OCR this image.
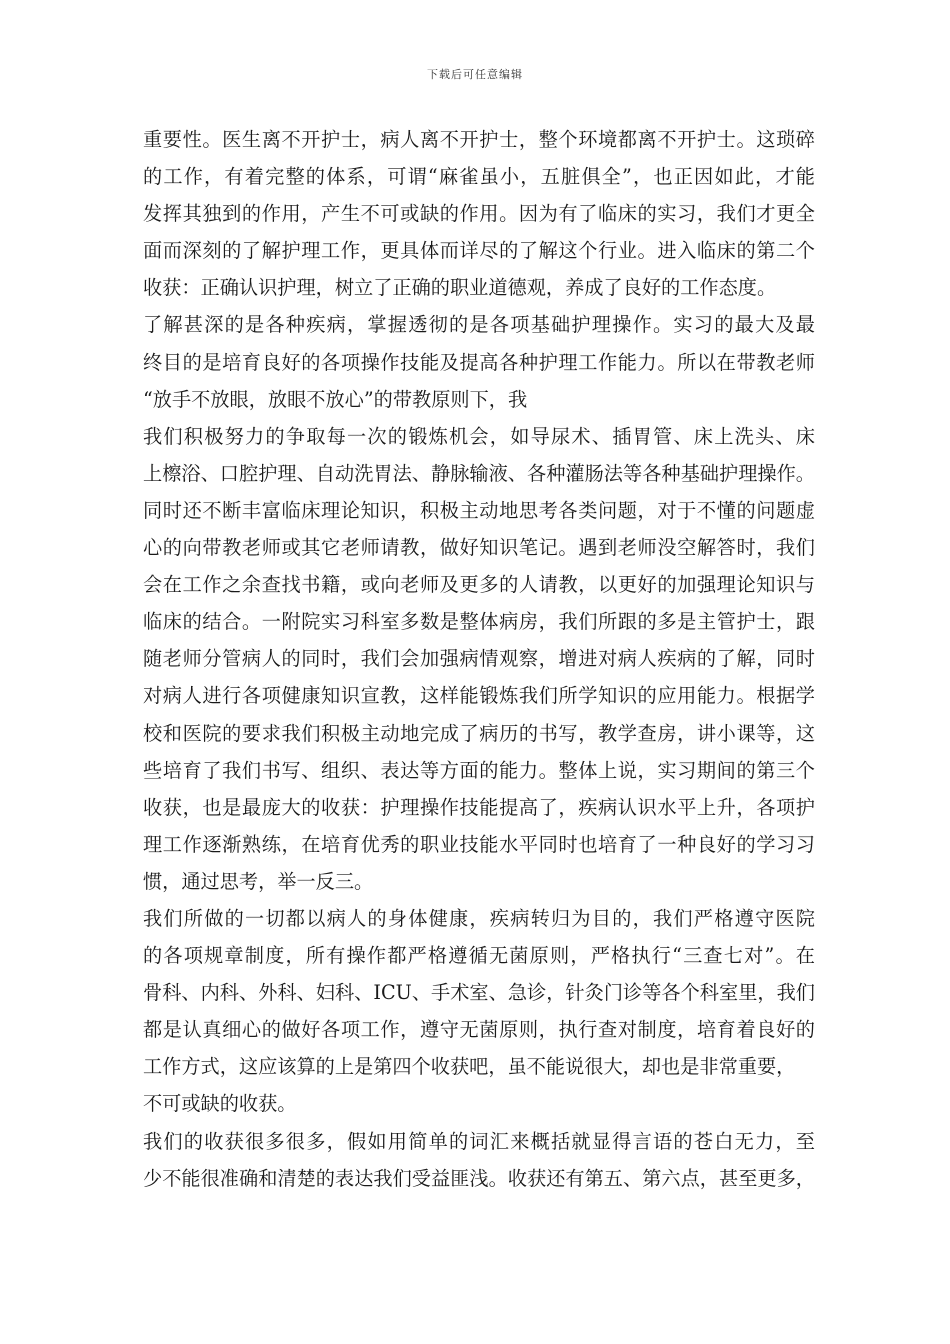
下载后可任意编辑
重要性。医生离不开护士，病人离不开护士，整个环境都离不开护士。这琐碎
的工作，有着完整的体系，可谓“麻雀虽小，五脏俱全”，也正因如此，才能
发挥其独到的作用，产生不可或缺的作用。因为有了临床的实习，我们才更全
面而深刻的了解护理工作，更具体而详尽的了解这个行业。进入临床的第二个
收获：正确认识护理，树立了正确的职业道德观，养成了良好的工作态度。
了解甚深的是各种疾病，掌握透彻的是各项基础护理操作。实习的最大及最
终目的是培育良好的各项操作技能及提高各种护理工作能力。所以在带教老师
“放手不放眼，放眼不放心”的带教原则下，我
我们积极努力的争取每一次的锻炼机会，如导尿术、插胃管、床上洗头、床
上檫浴、口腔护理、自动洗胃法、静脉输液、各种灌肠法等各种基础护理操作。
同时还不断丰富临床理论知识，积极主动地思考各类问题，对于不懂的问题虚
心的向带教老师或其它老师请教，做好知识笔记。遇到老师没空解答时，我们
会在工作之余查找书籍，或向老师及更多的人请教，以更好的加强理论知识与
临床的结合。一附院实习科室多数是整体病房，我们所跟的多是主管护士，跟
随老师分管病人的同时，我们会加强病情观察，增进对病人疾病的了解，同时
对病人进行各项健康知识宣教，这样能锻炼我们所学知识的应用能力。根据学
校和医院的要求我们积极主动地完成了病历的书写，教学查房，讲小课等，这
些培育了我们书写、组织、表达等方面的能力。整体上说，实习期间的第三个
收获，也是最庞大的收获：护理操作技能提高了，疾病认识水平上升，各项护
理工作逐渐熟练，在培育优秀的职业技能水平同时也培育了一种良好的学习习
惯，通过思考，举一反三。
我们所做的一切都以病人的身体健康，疾病转归为目的，我们严格遵守医院
的各项规章制度，所有操作都严格遵循无菌原则，严格执行“三查七对”。在
骨科、内科、外科、妇科、ICU、手术室、急诊，针灸门诊等各个科室里，我们
都是认真细心的做好各项工作，遵守无菌原则，执行查对制度，培育着良好的
工作方式，这应该算的上是第四个收获吧，虽不能说很大，却也是非常重要，
不可或缺的收获。
我们的收获很多很多，假如用简单的词汇来概括就显得言语的苍白无力，至
少不能很准确和清楚的表达我们受益匪浅。收获还有第五、第六点，甚至更多，
